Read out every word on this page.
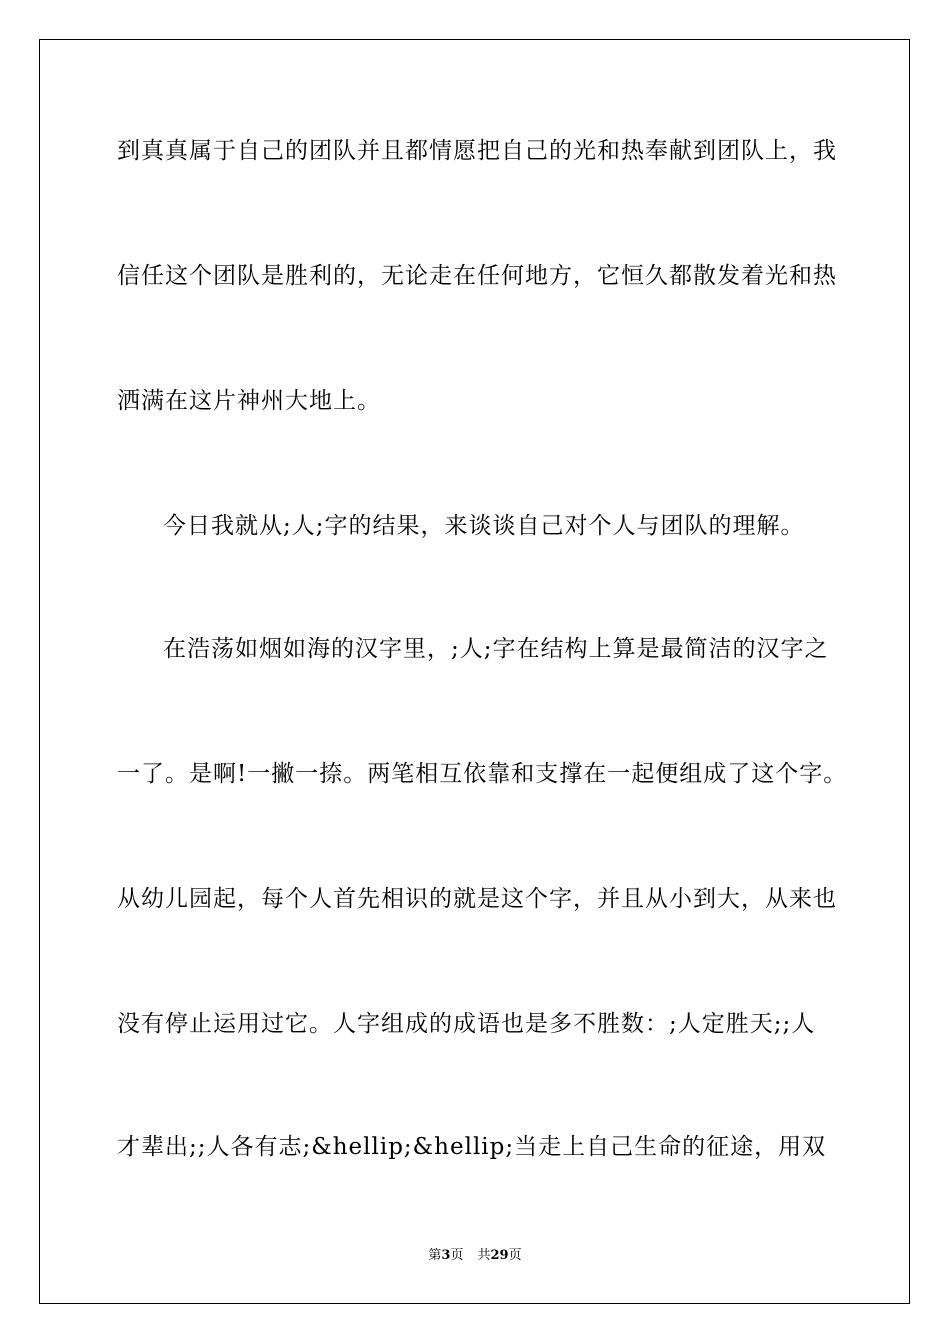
到真真属于自己的团队并且都情愿把自己的光和热奉献到团队上，我
信任这个团队是胜利的，无论走在任何地方，它恒久都散发着光和热
洒满在这片神州大地上。
今日我就从;人;字的结果，来谈谈自己对个人与团队的理解。
在浩荡如烟如海的汉字里，;人;字在结构上算是最简洁的汉字之
一了。是啊!一撇一捺。两笔相互依靠和支撑在一起便组成了这个字。
从幼儿园起，每个人首先相识的就是这个字，并且从小到大，从来也
没有停止运用过它。人字组成的成语也是多不胜数：;人定胜天;;人
才辈出;;人各有志;&hellip;&hellip;当走上自己生命的征途，用双
第3页 共29页
